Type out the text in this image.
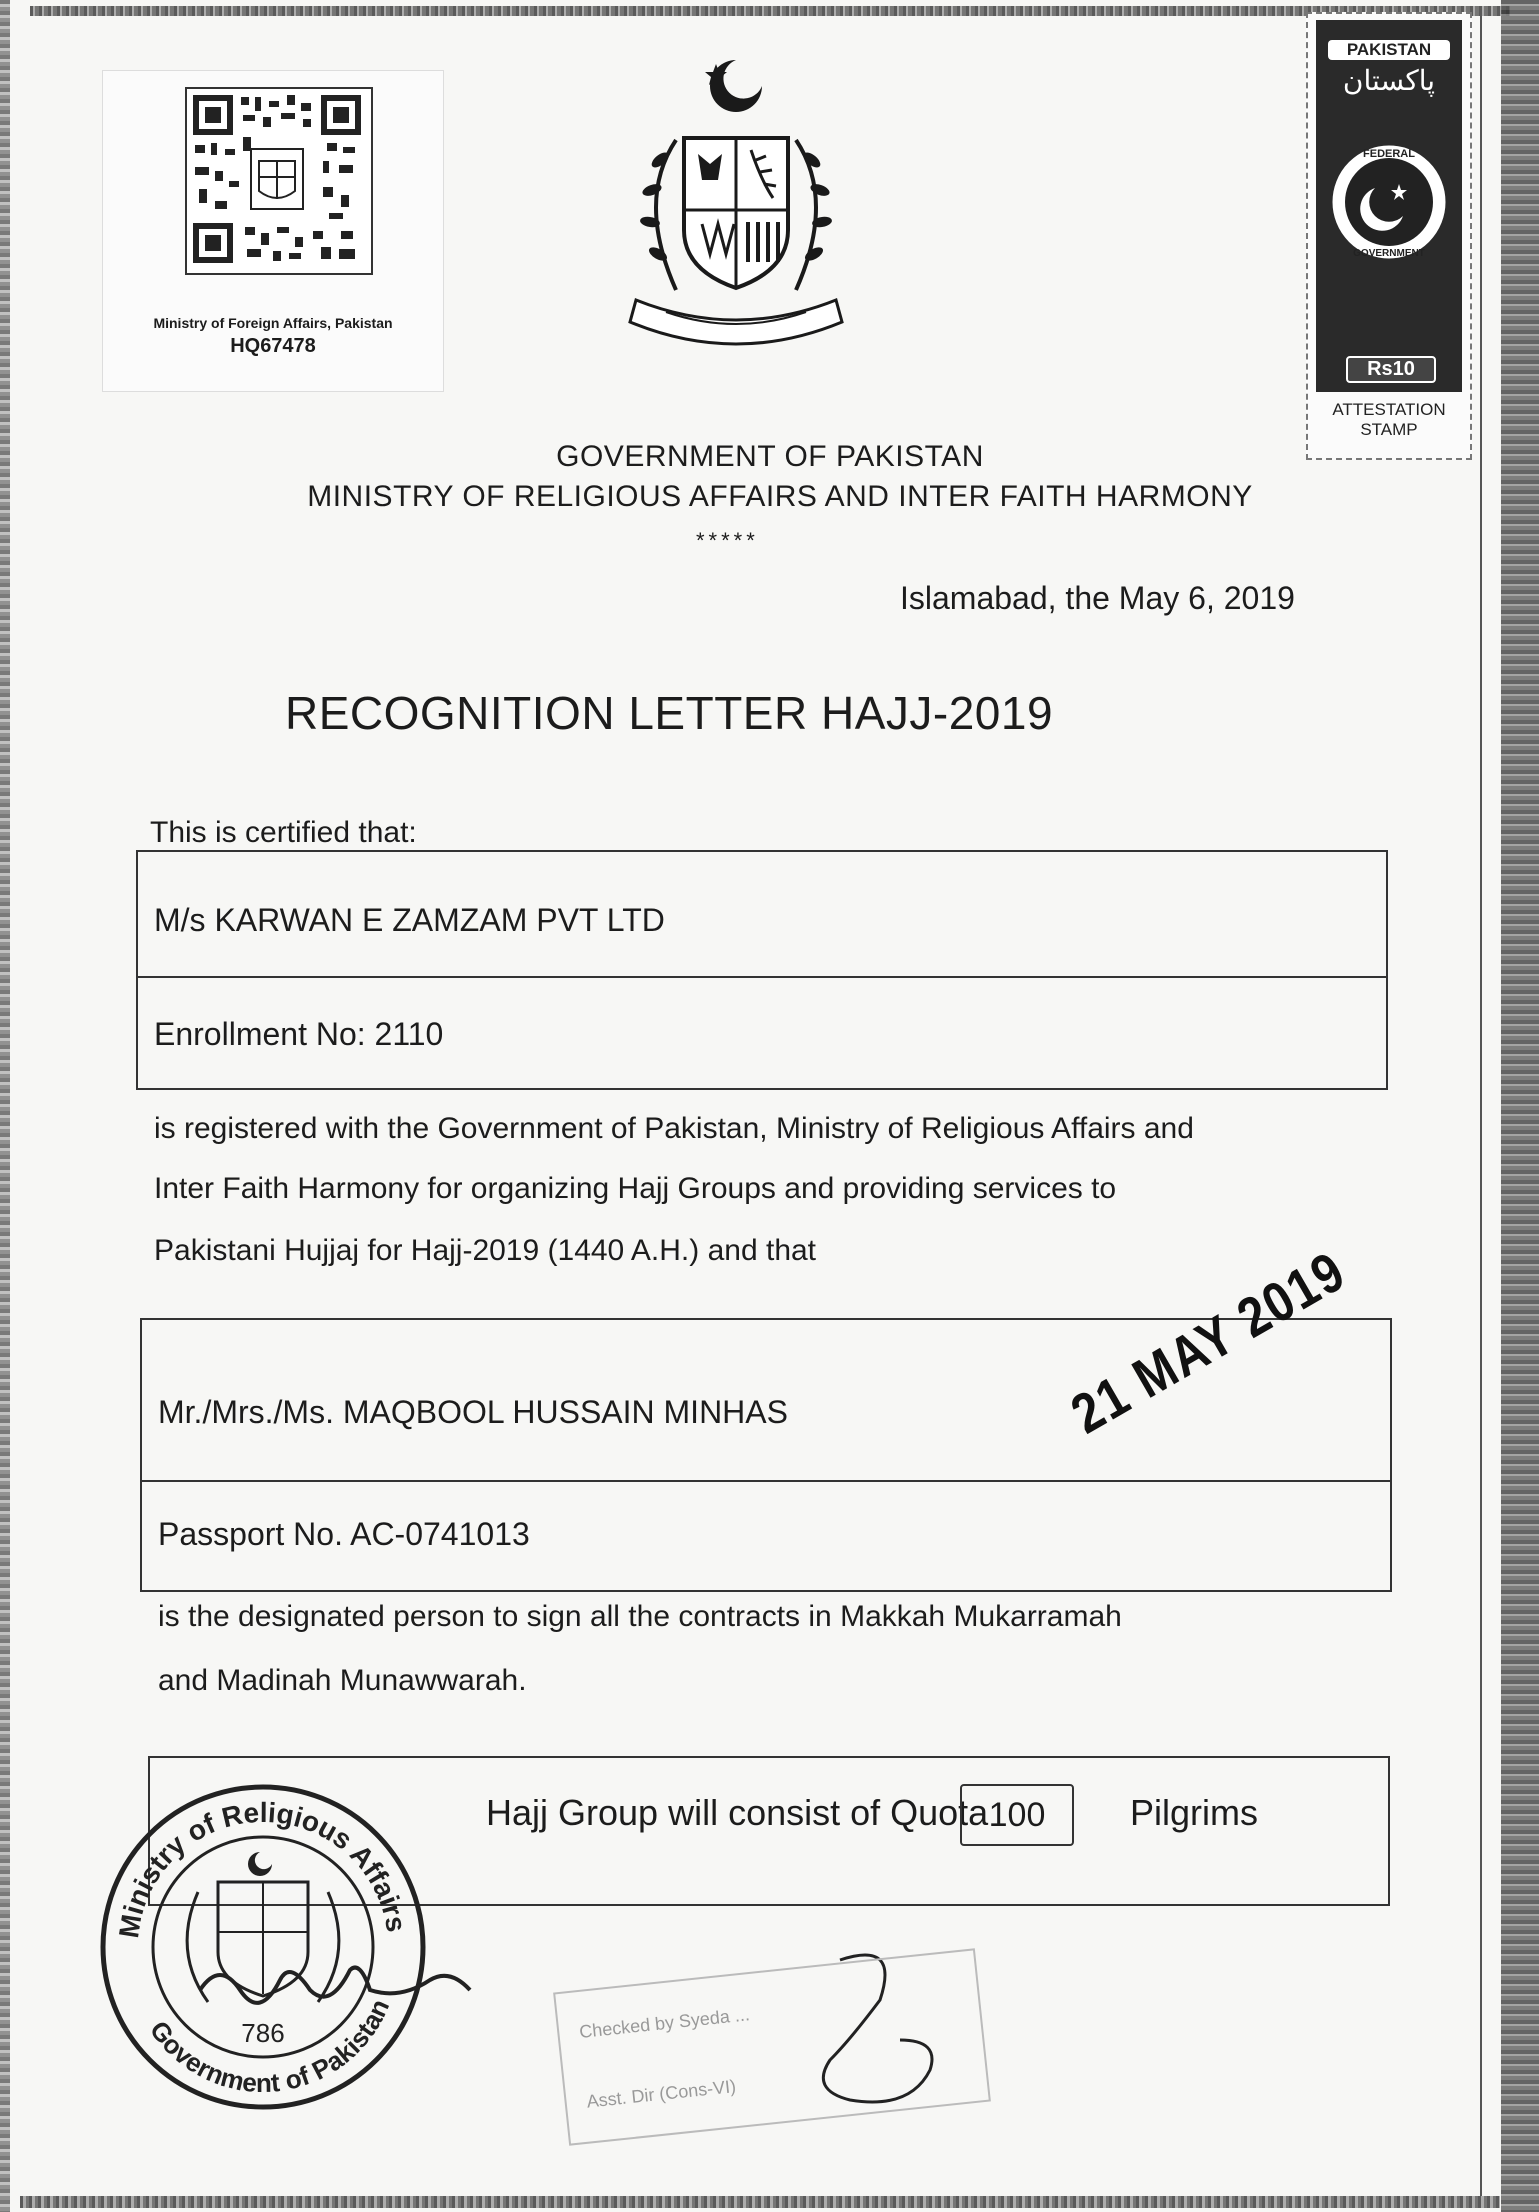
Ministry of Foreign Affairs, Pakistan
HQ67478
PAKISTAN
پاکستان
FEDERAL
GOVERNMENT
Rs10
ATTESTATION STAMP
GOVERNMENT OF PAKISTAN
MINISTRY OF RELIGIOUS AFFAIRS AND INTER FAITH HARMONY
*****
Islamabad, the May 6, 2019
RECOGNITION LETTER HAJJ-2019
This is certified that:
M/s KARWAN E ZAMZAM PVT LTD
Enrollment No: 2110
is registered with the Government of Pakistan, Ministry of Religious Affairs and
Inter Faith Harmony for organizing Hajj Groups and providing services to
Pakistani Hujjaj for Hajj-2019 (1440 A.H.) and that
Mr./Mrs./Ms. MAQBOOL HUSSAIN MINHAS
Passport No. AC-0741013
21 MAY 2019
is the designated person to sign all the contracts in Makkah Mukarramah
and Madinah Munawwarah.
Hajj Group will consist of Quota	Pilgrims
100
Ministry of Religious Affairs
Government of Pakistan
786	Checked by Syeda ...
Asst. Dir (Cons-VI)
